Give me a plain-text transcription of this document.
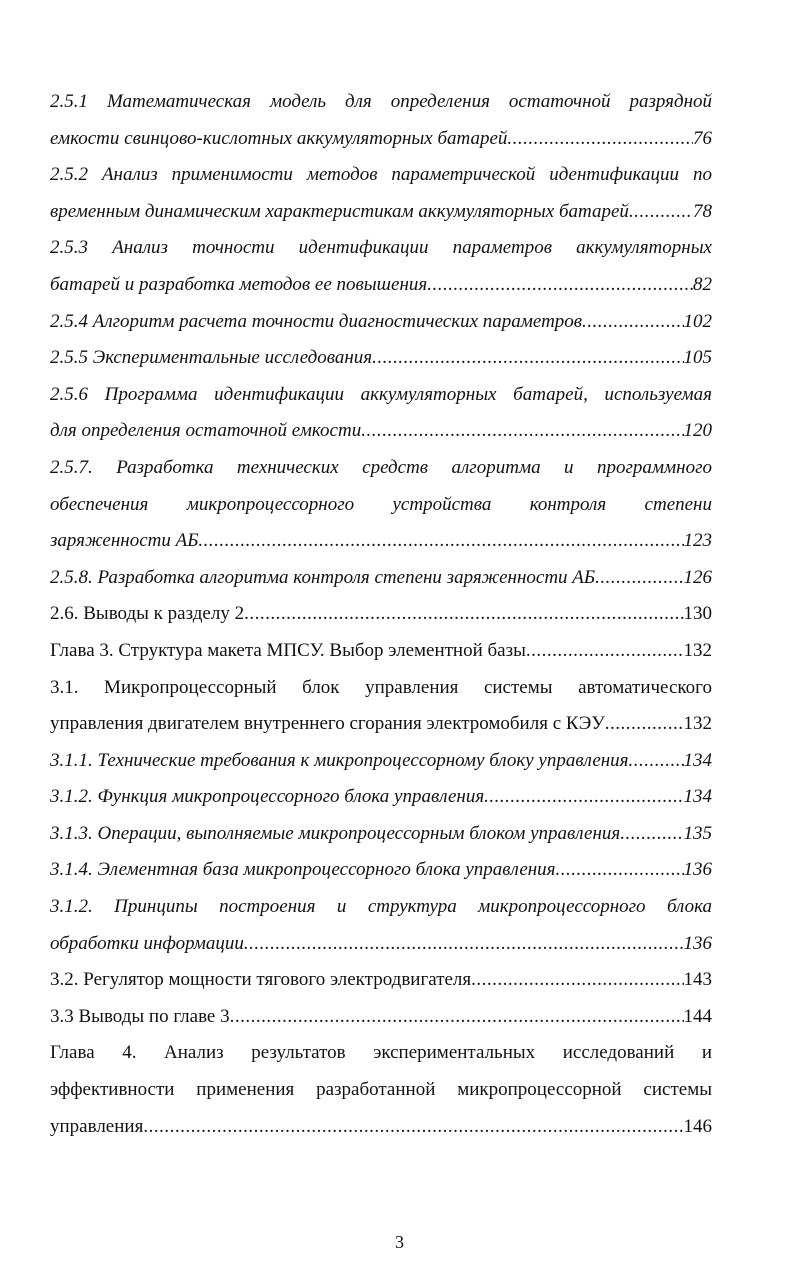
2.5.1 Математическая модель для определения остаточной разрядной
емкости свинцово-кислотных аккумуляторных батарей .....	76
2.5.2 Анализ применимости методов параметрической идентификации по
временным динамическим характеристикам аккумуляторных батарей .....	78
2.5.3 Анализ точности идентификации параметров аккумуляторных
батарей и разработка методов ее повышения .....	82
2.5.4 Алгоритм расчета точности диагностических параметров .....	102
2.5.5 Экспериментальные исследования .....	105
2.5.6 Программа идентификации аккумуляторных батарей, используемая
для определения остаточной емкости .....	120
2.5.7. Разработка технических средств алгоритма и программного
обеспечения микропроцессорного устройства контроля степени
заряженности АБ .....	123
2.5.8. Разработка алгоритма контроля степени заряженности АБ .....	126
2.6. Выводы к разделу 2 .....	130
Глава 3. Структура макета МПСУ. Выбор элементной базы .....	132
3.1. Микропроцессорный блок управления системы автоматического
управления двигателем внутреннего сгорания электромобиля с КЭУ .....	132
3.1.1. Технические требования к микропроцессорному блоку управления .....	134
3.1.2. Функция микропроцессорного блока управления .....	134
3.1.3. Операции, выполняемые микропроцессорным блоком управления .....	135
3.1.4. Элементная база микропроцессорного блока управления .....	136
3.1.2. Принципы построения и структура микропроцессорного блока
обработки информации .....	136
3.2. Регулятор мощности тягового электродвигателя .....	143
3.3 Выводы по главе 3 .....	144
Глава 4. Анализ результатов экспериментальных исследований и
эффективности применения разработанной микропроцессорной системы
управления .....	146
3
